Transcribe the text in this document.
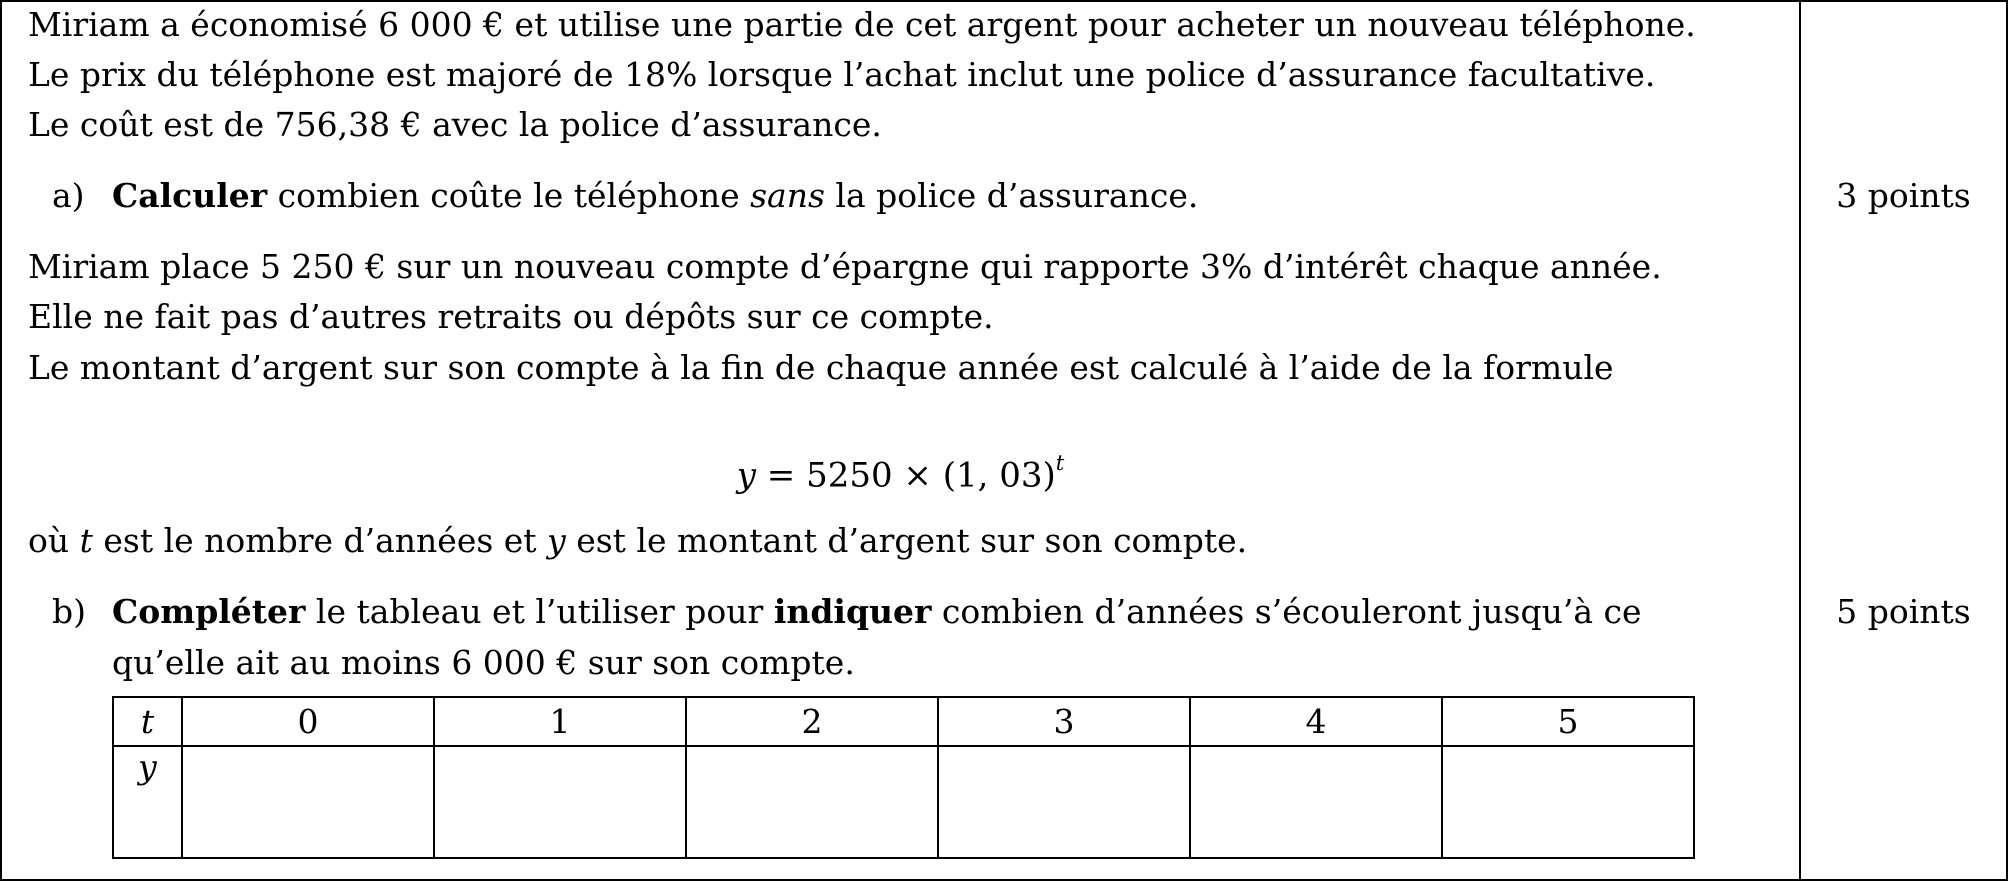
Miriam a économisé 6 000 € et utilise une partie de cet argent pour acheter un nouveau téléphone.
Le prix du téléphone est majoré de 18% lorsque l’achat inclut une police d’assurance facultative.
Le coût est de 756,38 € avec la police d’assurance.
a) Calculer combien coûte le téléphone sans la police d’assurance.	3 points
Miriam place 5 250 € sur un nouveau compte d’épargne qui rapporte 3% d’intérêt chaque année.
Elle ne fait pas d’autres retraits ou dépôts sur ce compte.
Le montant d’argent sur son compte à la fin de chaque année est calculé à l’aide de la formule
y = 5250 × (1, 03)$^t$
où t est le nombre d’années et y est le montant d’argent sur son compte.
b) Compléter le tableau et l’utiliser pour indiquer combien d’années s’écouleront jusqu’à ce
qu’elle ait au moins 6 000 € sur son compte.
5 points
t	0	1	2	3	4	5
y						
